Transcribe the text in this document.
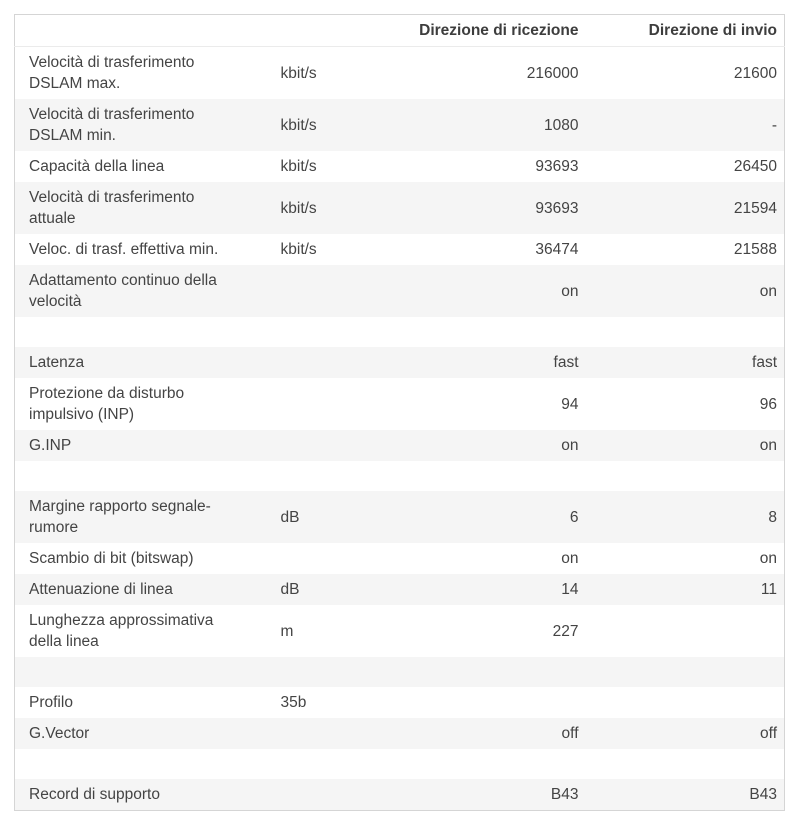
		Direzione di ricezione	Direzione di invio
Velocità di trasferimento DSLAM max.	kbit/s	216000	21600
Velocità di trasferimento DSLAM min.	kbit/s	1080	-
Capacità della linea	kbit/s	93693	26450
Velocità di trasferimento attuale	kbit/s	93693	21594
Veloc. di trasf. effettiva min.	kbit/s	36474	21588
Adattamento continuo della velocità		on	on

Latenza		fast	fast
Protezione da disturbo impulsivo (INP)		94	96
G.INP		on	on

Margine rapporto segnale-rumore	dB	6	8
Scambio di bit (bitswap)		on	on
Attenuazione di linea	dB	14	11
Lunghezza approssimativa della linea	m	227	

Profilo	35b		
G.Vector		off	off

Record di supporto		B43	B43
